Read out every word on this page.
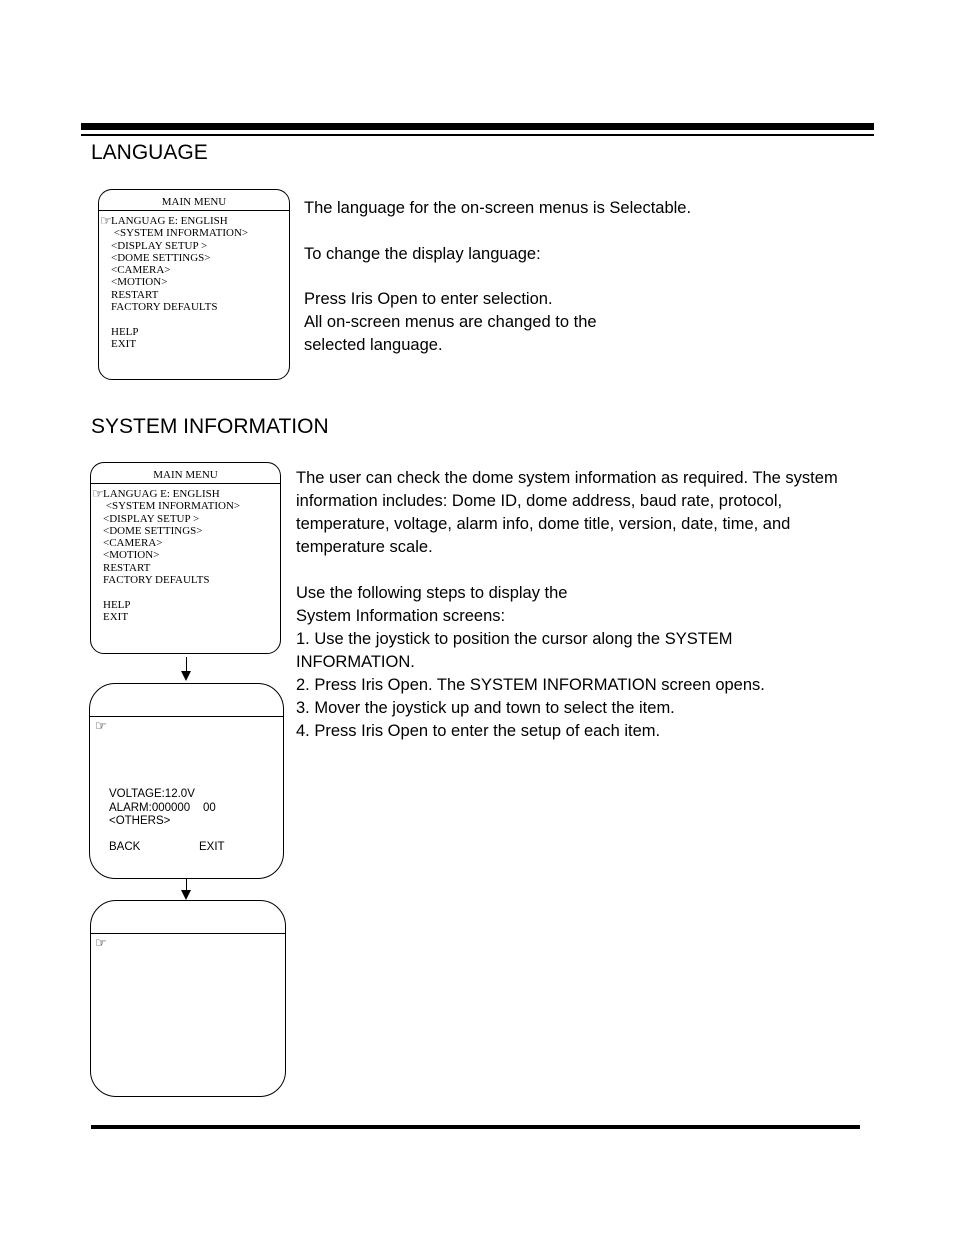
LANGUAGE
MAIN MENU
☞ LANGUAG E: ENGLISH
<SYSTEM INFORMATION>
<DISPLAY SETUP >
<DOME SETTINGS>
<CAMERA>
<MOTION>
RESTART
FACTORY DEFAULTS
HELP
EXIT

The language for the on-screen menus is Selectable.

To change the display language:

Press Iris Open to enter selection.

All on-screen menus are changed to the

selected language.

SYSTEM INFORMATION
MAIN MENU
☞ LANGUAG E: ENGLISH
<SYSTEM INFORMATION>
<DISPLAY SETUP >
<DOME SETTINGS>
<CAMERA>
<MOTION>
RESTART
FACTORY DEFAULTS
HELP
EXIT
☞
VOLTAGE:12.0V
ALARM:000000    00
<OTHERS>
BACK	EXIT
☞

The user can check the dome system information as required. The system

information includes: Dome ID, dome address, baud rate, protocol,

temperature, voltage, alarm info, dome title, version, date, time, and

temperature scale.

Use the following steps to display the

System Information screens:

1. Use the joystick to position the cursor along the SYSTEM

INFORMATION.

2. Press Iris Open. The SYSTEM INFORMATION screen opens.

3. Mover the joystick up and town to select the item.

4. Press Iris Open to enter the setup of each item.
